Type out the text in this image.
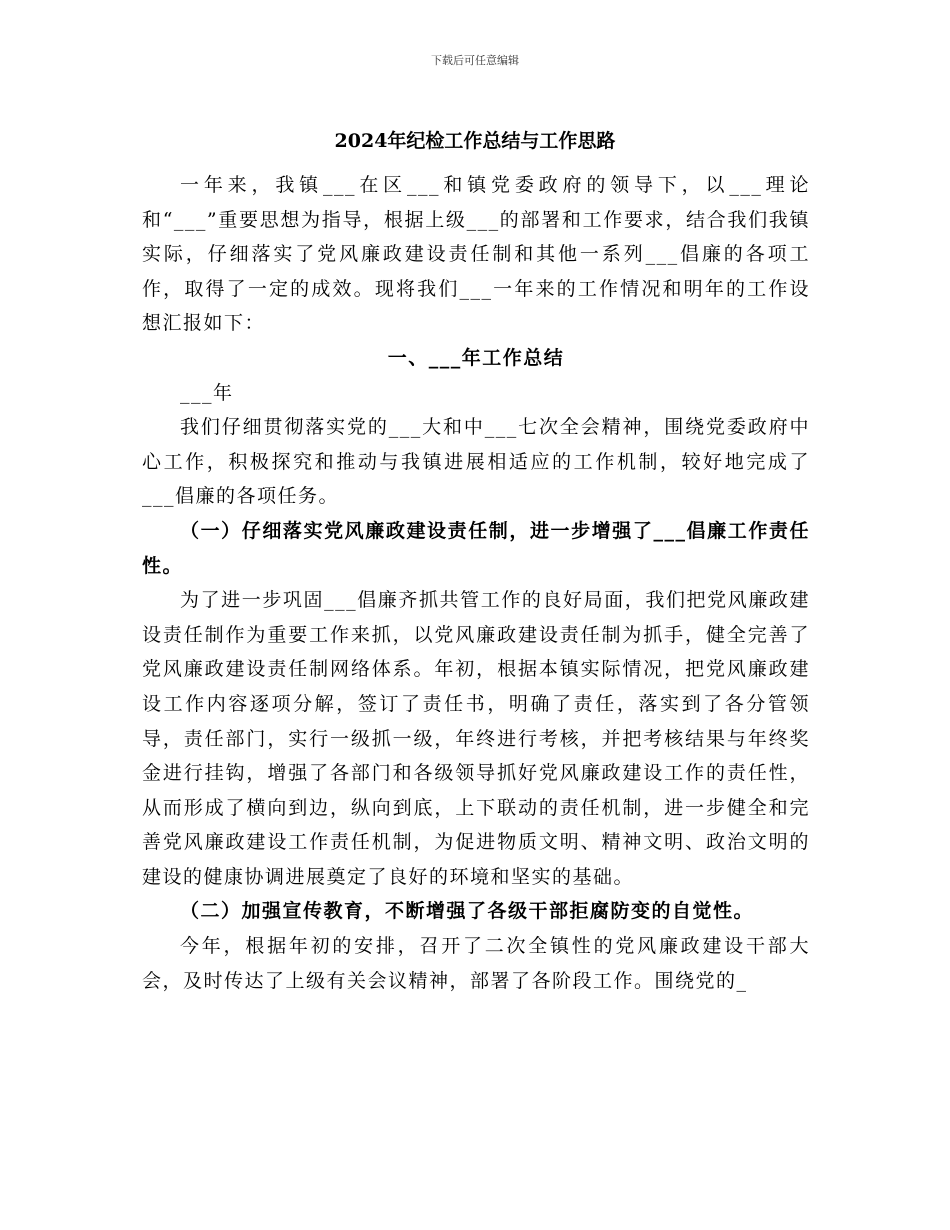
下载后可任意编辑
2024年纪检工作总结与工作思路

一年来，我镇___在区___和镇党委政府的领导下，以___理论和“___”重要思想为指导，根据上级___的部署和工作要求，结合我们我镇实际，仔细落实了党风廉政建设责任制和其他一系列___倡廉的各项工作，取得了一定的成效。现将我们___一年来的工作情况和明年的工作设想汇报如下：

一、___年工作总结

___年

我们仔细贯彻落实党的___大和中___七次全会精神，围绕党委政府中心工作，积极探究和推动与我镇进展相适应的工作机制，较好地完成了___倡廉的各项任务。

（一）仔细落实党风廉政建设责任制，进一步增强了___倡廉工作责任性。

为了进一步巩固___倡廉齐抓共管工作的良好局面，我们把党风廉政建设责任制作为重要工作来抓，以党风廉政建设责任制为抓手，健全完善了党风廉政建设责任制网络体系。年初，根据本镇实际情况，把党风廉政建设工作内容逐项分解，签订了责任书，明确了责任，落实到了各分管领导，责任部门，实行一级抓一级，年终进行考核，并把考核结果与年终奖金进行挂钩，增强了各部门和各级领导抓好党风廉政建设工作的责任性，从而形成了横向到边，纵向到底，上下联动的责任机制，进一步健全和完善党风廉政建设工作责任机制，为促进物质文明、精神文明、政治文明的建设的健康协调进展奠定了良好的环境和坚实的基础。

（二）加强宣传教育，不断增强了各级干部拒腐防变的自觉性。

今年，根据年初的安排，召开了二次全镇性的党风廉政建设干部大会，及时传达了上级有关会议精神，部署了各阶段工作。围绕党的_
